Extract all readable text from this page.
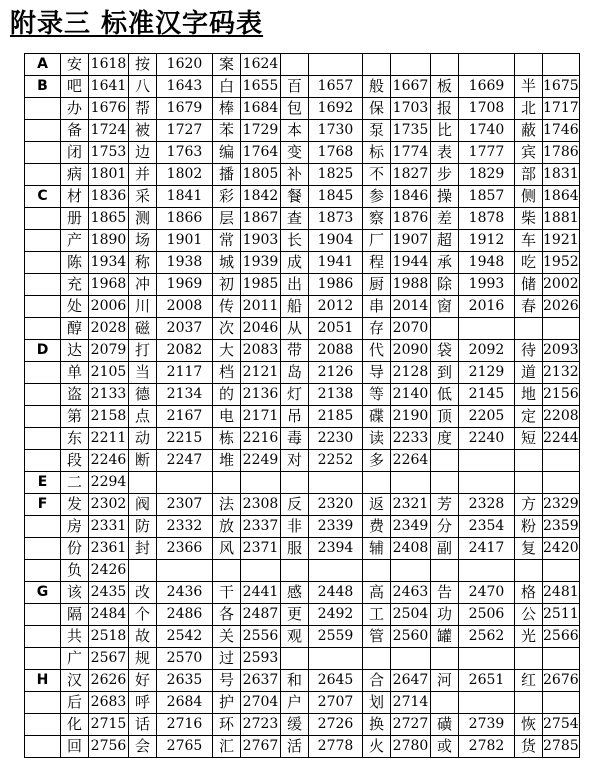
附录三 标准汉字码表
A	安	1618	按	1620	案	1624								
B	吧	1641	八	1643	白	1655	百	1657	般	1667	板	1669	半	1675
	办	1676	帮	1679	棒	1684	包	1692	保	1703	报	1708	北	1717
	备	1724	被	1727	苯	1729	本	1730	泵	1735	比	1740	蔽	1746
	闭	1753	边	1763	编	1764	变	1768	标	1774	表	1777	宾	1786
	病	1801	并	1802	播	1805	补	1825	不	1827	步	1829	部	1831
C	材	1836	采	1841	彩	1842	餐	1845	参	1846	操	1857	侧	1864
	册	1865	测	1866	层	1867	查	1873	察	1876	差	1878	柴	1881
	产	1890	场	1901	常	1903	长	1904	厂	1907	超	1912	车	1921
	陈	1934	称	1938	城	1939	成	1941	程	1944	承	1948	吃	1952
	充	1968	冲	1969	初	1985	出	1986	厨	1988	除	1993	储	2002
	处	2006	川	2008	传	2011	船	2012	串	2014	窗	2016	春	2026
	醇	2028	磁	2037	次	2046	从	2051	存	2070				
D	达	2079	打	2082	大	2083	带	2088	代	2090	袋	2092	待	2093
	单	2105	当	2117	档	2121	岛	2126	导	2128	到	2129	道	2132
	盗	2133	德	2134	的	2136	灯	2138	等	2140	低	2145	地	2156
	第	2158	点	2167	电	2171	吊	2185	碟	2190	顶	2205	定	2208
	东	2211	动	2215	栋	2216	毒	2230	读	2233	度	2240	短	2244
	段	2246	断	2247	堆	2249	对	2252	多	2264				
E	二	2294												
F	发	2302	阀	2307	法	2308	反	2320	返	2321	芳	2328	方	2329
	房	2331	防	2332	放	2337	非	2339	费	2349	分	2354	粉	2359
	份	2361	封	2366	风	2371	服	2394	辅	2408	副	2417	复	2420
	负	2426												
G	该	2435	改	2436	干	2441	感	2448	高	2463	告	2470	格	2481
	隔	2484	个	2486	各	2487	更	2492	工	2504	功	2506	公	2511
	共	2518	故	2542	关	2556	观	2559	管	2560	罐	2562	光	2566
	广	2567	规	2570	过	2593								
H	汉	2626	好	2635	号	2637	和	2645	合	2647	河	2651	红	2676
	后	2683	呼	2684	护	2704	户	2707	划	2714				
	化	2715	话	2716	环	2723	缓	2726	换	2727	磺	2739	恢	2754
	回	2756	会	2765	汇	2767	活	2778	火	2780	或	2782	货	2785
